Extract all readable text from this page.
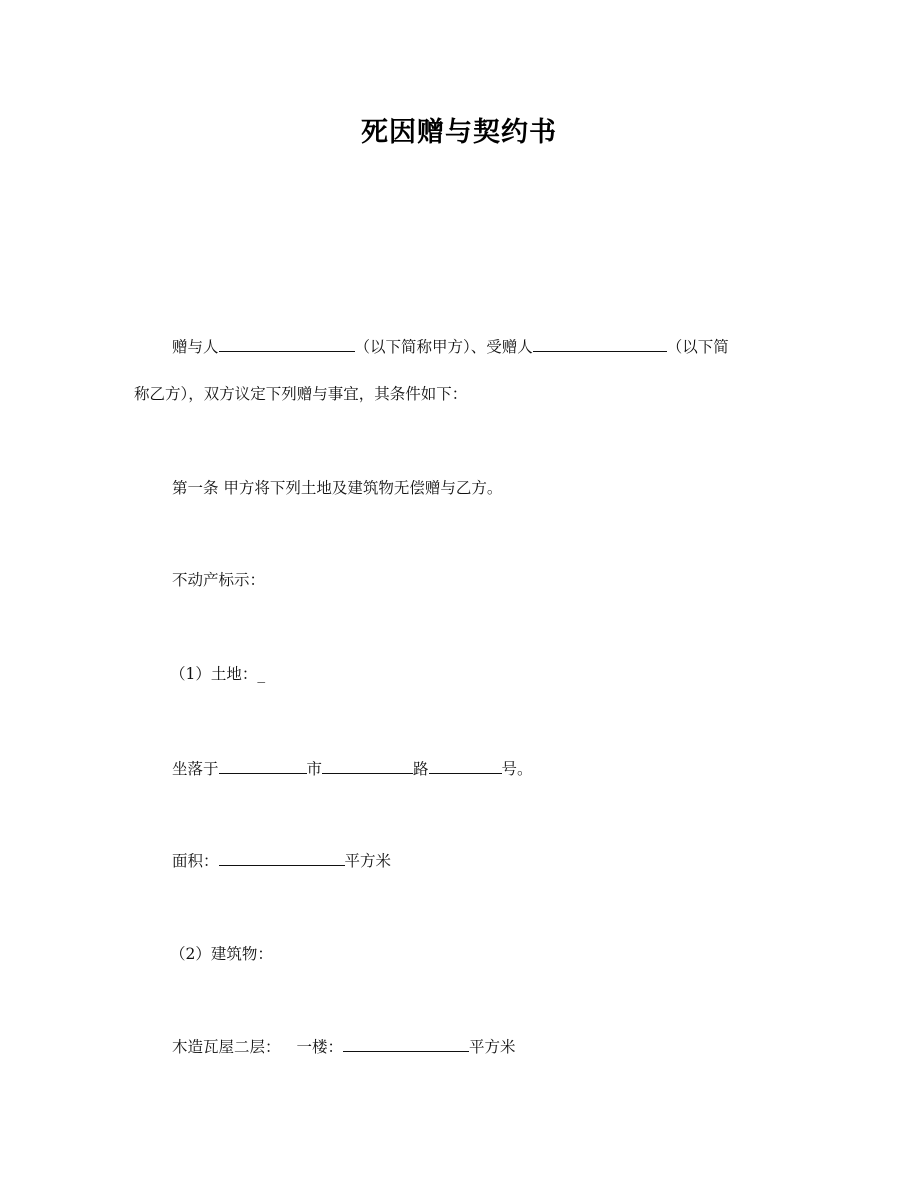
死因赠与契约书
赠与人	（以下简称甲方）、受赠人	（以下简
称乙方），双方议定下列赠与事宜，其条件如下：
第一条 甲方将下列土地及建筑物无偿赠与乙方。
不动产标示：
（1）土地：_
坐落于	市	路	号。
面积：	平方米
（2）建筑物：
木造瓦屋二层： 一楼：	平方米
